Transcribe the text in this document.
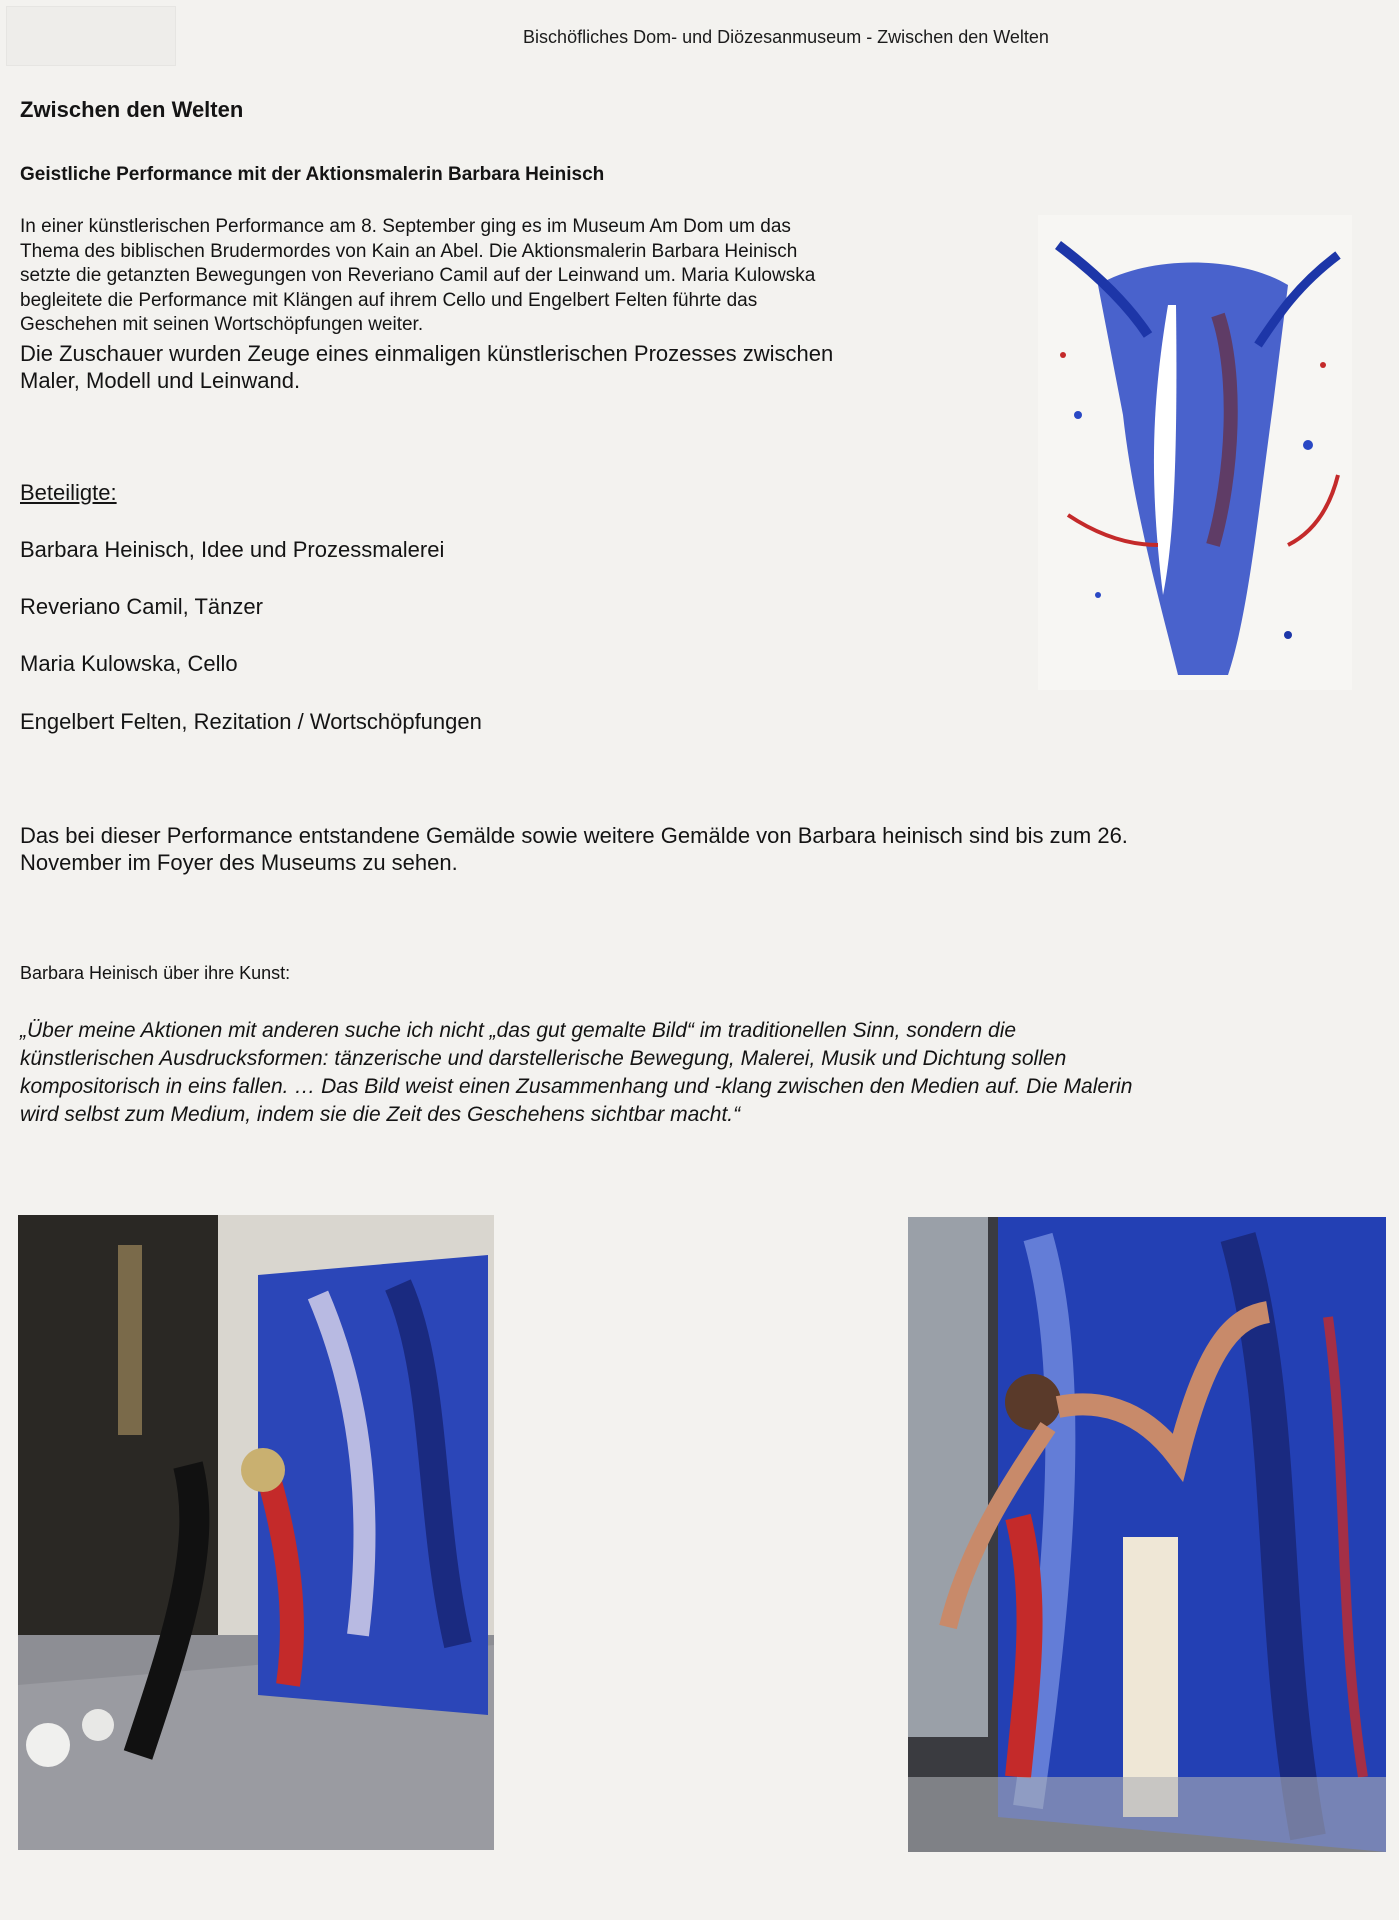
Bischöfliches Dom- und Diözesanmuseum - Zwischen den Welten
Zwischen den Welten
Geistliche Performance mit der Aktionsmalerin Barbara Heinisch
In einer künstlerischen Performance am 8. September ging es im Museum Am Dom um das
Thema des biblischen Brudermordes von Kain an Abel. Die Aktionsmalerin Barbara Heinisch
setzte die getanzten Bewegungen von Reveriano Camil auf der Leinwand um. Maria Kulowska
begleitete die Performance mit Klängen auf ihrem Cello und Engelbert Felten führte das
Geschehen mit seinen Wortschöpfungen weiter.
Die Zuschauer wurden Zeuge eines einmaligen künstlerischen Prozesses zwischen
Maler, Modell und Leinwand.
Beteiligte:
Barbara Heinisch, Idee und Prozessmalerei
Reveriano Camil, Tänzer
Maria Kulowska, Cello
Engelbert Felten, Rezitation / Wortschöpfungen
Das bei dieser Performance entstandene Gemälde sowie weitere Gemälde von Barbara heinisch sind bis zum 26.
November im Foyer des Museums zu sehen.
Barbara Heinisch über ihre Kunst:
„Über meine Aktionen mit anderen suche ich nicht „das gut gemalte Bild“ im traditionellen Sinn, sondern die
künstlerischen Ausdrucksformen: tänzerische und darstellerische Bewegung, Malerei, Musik und Dichtung sollen
kompositorisch in eins fallen. … Das Bild weist einen Zusammenhang und -klang zwischen den Medien auf. Die Malerin
wird selbst zum Medium, indem sie die Zeit des Geschehens sichtbar macht.“
